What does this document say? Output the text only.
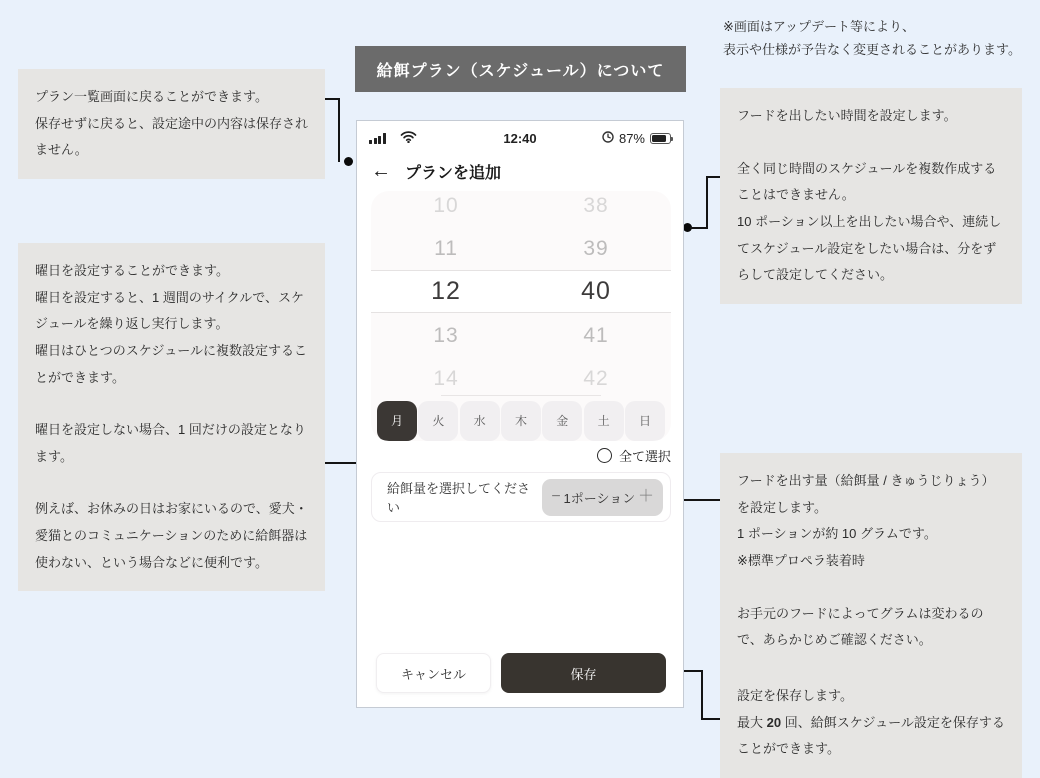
※画面はアップデート等により、
表示や仕様が予告なく変更されることがあります。
給餌プラン（スケジュール）について

プラン一覧画面に戻ることができます。

保存せずに戻ると、設定途中の内容は保存されません。

曜日を設定することができます。

曜日を設定すると、1 週間のサイクルで、スケジュールを繰り返し実行します。

曜日はひとつのスケジュールに複数設定することができます。

曜日を設定しない場合、1 回だけの設定となります。

例えば、お休みの日はお家にいるので、愛犬・愛猫とのコミュニケーションのために給餌器は使わない、という場合などに便利です。

フードを出したい時間を設定します。

全く同じ時間のスケジュールを複数作成することはできません。

10 ポーション以上を出したい場合や、連続してスケジュール設定をしたい場合は、分をずらして設定してください。

フードを出す量（給餌量 / きゅうじりょう）を設定します。

1 ポーションが約 10 グラムです。

※標準プロペラ装着時

お手元のフードによってグラムは変わるので、あらかじめご確認ください。

設定を保存します。

最大 20 回、給餌スケジュール設定を保存することができます。

12:40	87%
← プランを追加
10	38
11	39
12	40
13	41
14	42
月	火	水	木	金	土	日
全て選択
給餌量を選択してください
− 1ポーション ＋
キャンセル	保存
